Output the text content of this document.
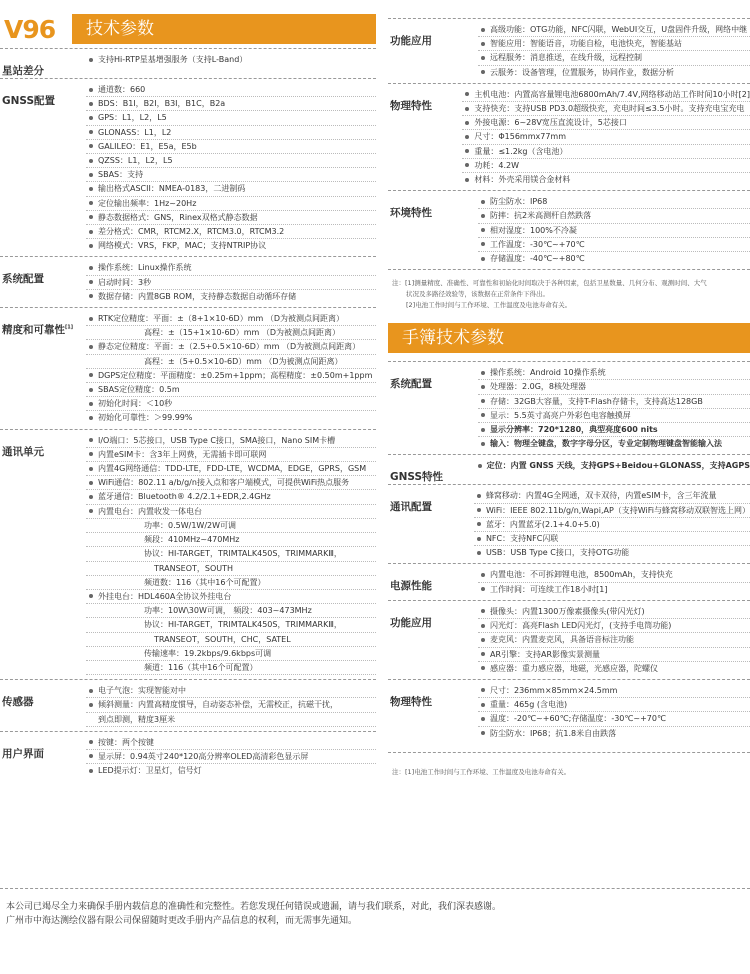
V96	技术参数
星站差分
支持Hi-RTP星基增强服务（支持L-Band）
GNSS配置
通道数：660
BDS：B1I，B2I，B3I，B1C，B2a
GPS：L1，L2，L5
GLONASS：L1，L2
GALILEO：E1，E5a，E5b
QZSS：L1，L2，L5
SBAS：支持
输出格式ASCII：NMEA-0183，二进制码
定位输出频率：1Hz~20Hz
静态数据格式：GNS，Rinex双格式静态数据
差分格式：CMR，RTCM2.X，RTCM3.0，RTCM3.2
网络模式：VRS，FKP，MAC；支持NTRIP协议
系统配置
操作系统：Linux操作系统
启动时间：3秒
数据存储：内置8GB ROM，支持静态数据自动循环存储
精度和可靠性[1]
RTK定位精度：平面：±（8+1×10-6D）mm （D为被测点间距离）
高程：±（15+1×10-6D）mm （D为被测点间距离）
静态定位精度：平面：±（2.5+0.5×10-6D）mm （D为被测点间距离）
高程：±（5+0.5×10-6D）mm （D为被测点间距离）
DGPS定位精度：平面精度：±0.25m+1ppm；高程精度：±0.50m+1ppm
SBAS定位精度：0.5m
初始化时间：＜10秒
初始化可靠性：＞99.99%
通讯单元
I/O端口：5芯接口，USB Type C接口，SMA接口，Nano SIM卡槽
内置eSIM卡：含3年上网费，无需插卡即可联网
内置4G网络通信：TDD-LTE，FDD-LTE，WCDMA，EDGE，GPRS，GSM
WiFi通信：802.11 a/b/g/n接入点和客户端模式，可提供WiFi热点服务
蓝牙通信：Bluetooth® 4.2/2.1+EDR,2.4GHz
内置电台：内置收发一体电台
功率：0.5W/1W/2W可调
频段：410MHz~470MHz
协议：HI-TARGET，TRIMTALK450S，TRIMMARKⅢ，
TRANSEOT，SOUTH
频道数：116（其中16个可配置）
外挂电台：HDL460A全协议外挂电台
功率：10W\30W可调， 频段：403~473MHz
协议：HI-TARGET，TRIMTALK450S，TRIMMARKⅢ，
TRANSEOT，SOUTH，CHC，SATEL
传输速率：19.2kbps/9.6kbps可调
频道：116（其中16个可配置）
传感器
电子气泡：实现智能对中
倾斜测量：内置高精度惯导，自动姿态补偿，无需校正，抗磁干扰，
到点即测，精度3厘米
用户界面
按键：两个按键
显示屏：0.94英寸240*120高分辨率OLED高清彩色显示屏
LED提示灯：卫星灯，信号灯
功能应用
高级功能：OTG功能，NFC闪联，WebUI交互，U盘固件升级，网络中继
智能应用：智能语音，功能自检，电池快充，智能基站
远程服务：消息推送，在线升级，远程控制
云服务：设备管理，位置服务，协同作业，数据分析
物理特性
主机电池：内置高容量锂电池6800mAh/7.4V,网络移动站工作时间10小时[2]
支持快充：支持USB PD3.0超级快充，充电时间≤3.5小时。支持充电宝充电
外接电源：6~28V宽压直流设计，5芯接口
尺寸：Φ156mmx77mm
重量：≤1.2kg（含电池）
功耗：4.2W
材料：外壳采用镁合金材料
环境特性
防尘防水：IP68
防摔：抗2米高测杆自然跌落
相对湿度：100%不冷凝
工作温度：-30℃~+70℃
存储温度：-40℃~+80℃
注：[1]测量精度、准确性、可靠性和初始化时间取决于各种因素，包括卫星数量、几何分布、观测时间、大气
状况及多路径效验等，该数据在正常条件下得出。
[2]电池工作时间与工作环境、工作温度及电池寿命有关。
手簿技术参数
系统配置
操作系统：Android 10操作系统
处理器：2.0G，8核处理器
存储：32GB大容量，支持T-Flash存储卡，支持高达128GB
显示：5.5英寸高亮户外彩色电容触摸屏
显示分辨率：720*1280，典型亮度600 nits
输入：物理全键盘，数字字母分区，专业定制物理键盘智能输入法
GNSS特性
定位：内置 GNSS 天线，支持GPS+Beidou+GLONASS，支持AGPS
通讯配置
蜂窝移动：内置4G全网通，双卡双待，内置eSIM卡，含三年流量
WiFi：IEEE 802.11b/g/n,Wapi,AP（支持WiFi与蜂窝移动双联智选上网）
蓝牙：内置蓝牙(2.1+4.0+5.0)
NFC：支持NFC闪联
USB：USB Type C接口，支持OTG功能
电源性能
内置电池：不可拆卸锂电池，8500mAh，支持快充
工作时间：可连续工作18小时[1]
功能应用
摄像头：内置1300万像素摄像头(带闪光灯)
闪光灯：高亮Flash LED闪光灯，(支持手电筒功能)
麦克风：内置麦克风，具备语音标注功能
AR引擎：支持AR影像实景测量
感应器：重力感应器，地磁，光感应器，陀螺仪
物理特性
尺寸：236mm×85mm×24.5mm
重量：465g (含电池)
温度：-20℃~+60℃;存储温度：-30℃~+70℃
防尘防水：IP68；抗1.8米自由跌落
注：[1]电池工作时间与工作环境、工作温度及电池寿命有关。
本公司已竭尽全力来确保手册内载信息的准确性和完整性。若您发现任何错误或遗漏，请与我们联系，对此，我们深表感谢。
广州市中海达测绘仪器有限公司保留随时更改手册内产品信息的权利，而无需事先通知。
